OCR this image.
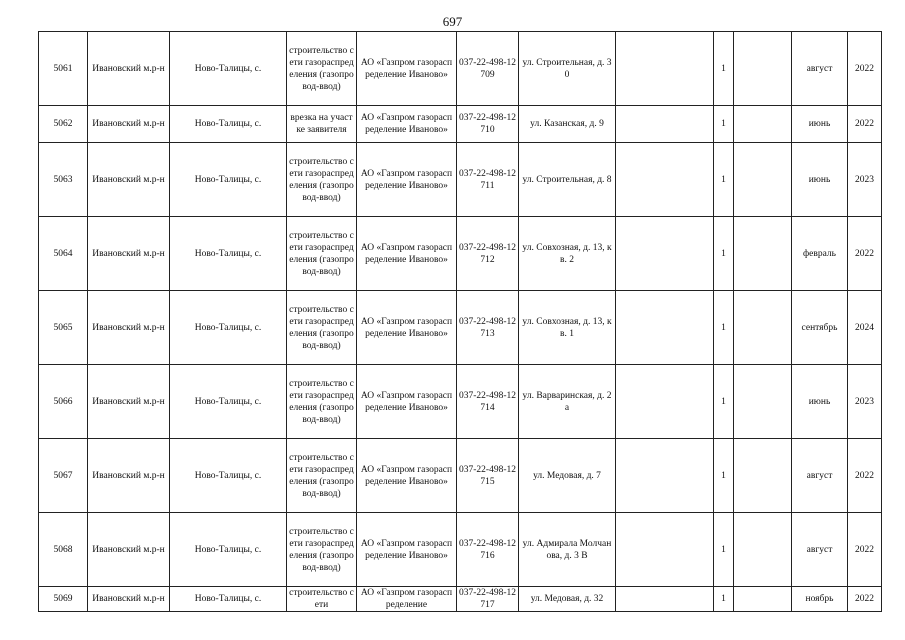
697
5061	Ивановский м.р-н	Ново-Талицы, с.	строительство сети газораспределения (газопровод-ввод)	АО «Газпром газораспределение Иваново»	037-22-498-12709	ул. Строительная, д. 30		1		август	2022
5062	Ивановский м.р-н	Ново-Талицы, с.	врезка на участке заявителя	АО «Газпром газораспределение Иваново»	037-22-498-12710	ул. Казанская, д. 9		1		июнь	2022
5063	Ивановский м.р-н	Ново-Талицы, с.	строительство сети газораспределения (газопровод-ввод)	АО «Газпром газораспределение Иваново»	037-22-498-12711	ул. Строительная, д. 8		1		июнь	2023
5064	Ивановский м.р-н	Ново-Талицы, с.	строительство сети газораспределения (газопровод-ввод)	АО «Газпром газораспределение Иваново»	037-22-498-12712	ул. Совхозная, д. 13, кв. 2		1		февраль	2022
5065	Ивановский м.р-н	Ново-Талицы, с.	строительство сети газораспределения (газопровод-ввод)	АО «Газпром газораспределение Иваново»	037-22-498-12713	ул. Совхозная, д. 13, кв. 1		1		сентябрь	2024
5066	Ивановский м.р-н	Ново-Талицы, с.	строительство сети газораспределения (газопровод-ввод)	АО «Газпром газораспределение Иваново»	037-22-498-12714	ул. Варваринская, д. 2а		1		июнь	2023
5067	Ивановский м.р-н	Ново-Талицы, с.	строительство сети газораспределения (газопровод-ввод)	АО «Газпром газораспределение Иваново»	037-22-498-12715	ул. Медовая, д. 7		1		август	2022
5068	Ивановский м.р-н	Ново-Талицы, с.	строительство сети газораспределения (газопровод-ввод)	АО «Газпром газораспределение Иваново»	037-22-498-12716	ул. Адмирала Молчанова, д. 3 В		1		август	2022
5069	Ивановский м.р-н	Ново-Талицы, с.	строительство сети	АО «Газпром газораспределение	037-22-498-12717	ул. Медовая, д. 32		1		ноябрь	2022
